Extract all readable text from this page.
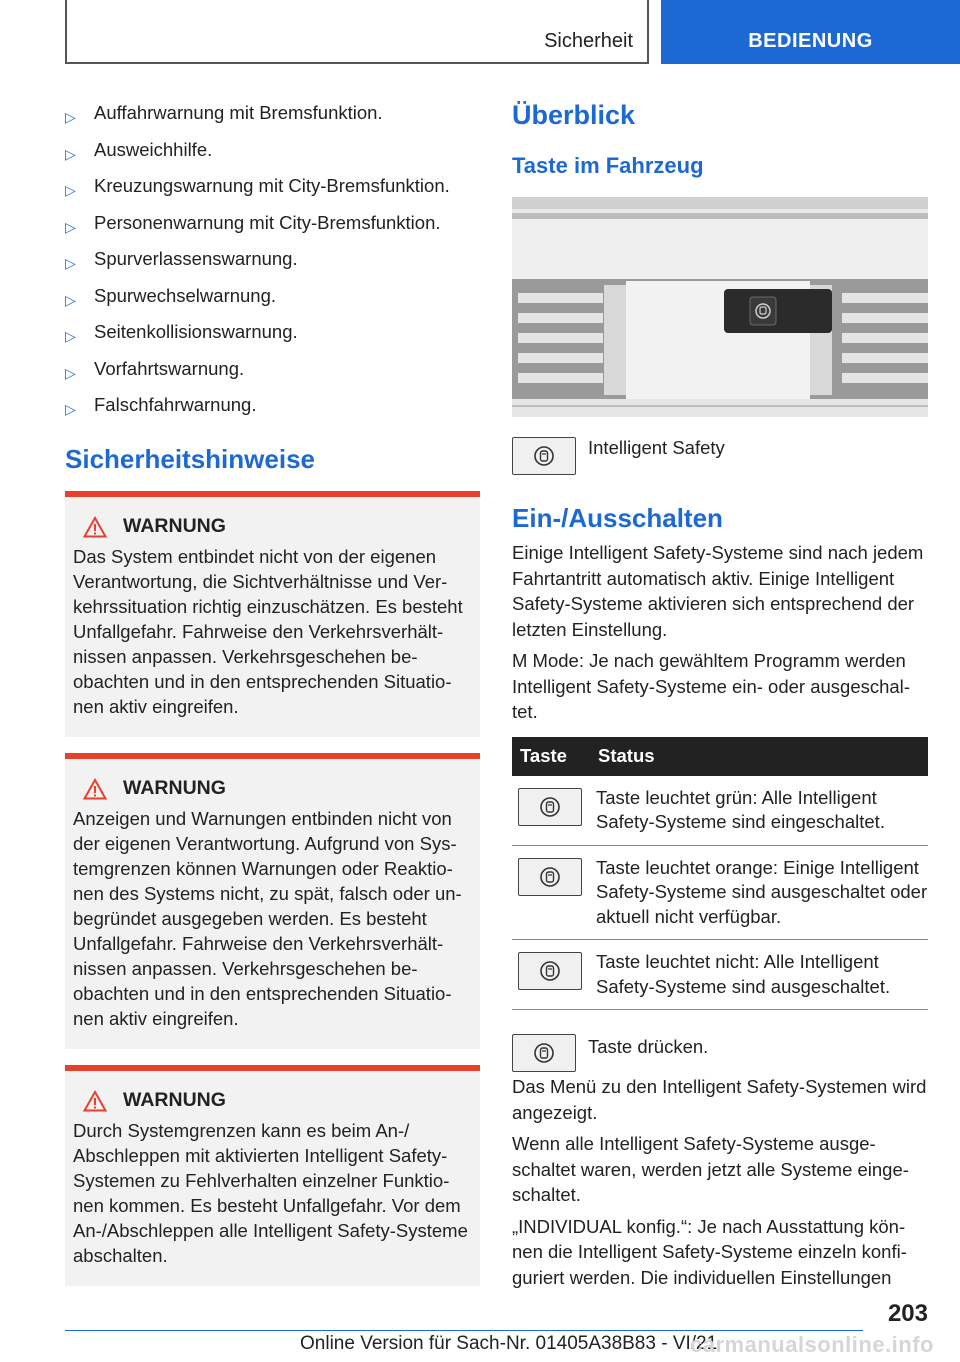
Sicherheit	BEDIENUNG
▷ Auffahrwarnung mit Bremsfunktion.
▷ Ausweichhilfe.
▷ Kreuzungswarnung mit City-Bremsfunktion.
▷ Personenwarnung mit City-Bremsfunktion.
▷ Spurverlassenswarnung.
▷ Spurwechselwarnung.
▷ Seitenkollisionswarnung.
▷ Vorfahrtswarnung.
▷ Falschfahrwarnung.
Sicherheitshinweise
WARNUNG
Das System entbindet nicht von der eigenen Verantwortung, die Sichtverhältnisse und Verkehrssituation richtig einzuschätzen. Es besteht Unfallgefahr. Fahrweise den Verkehrsverhältnissen anpassen. Verkehrsgeschehen beobachten und in den entsprechenden Situationen aktiv eingreifen.
WARNUNG
Anzeigen und Warnungen entbinden nicht von der eigenen Verantwortung. Aufgrund von Systemgrenzen können Warnungen oder Reaktionen des Systems nicht, zu spät, falsch oder unbegründet ausgegeben werden. Es besteht Unfallgefahr. Fahrweise den Verkehrsverhältnissen anpassen. Verkehrsgeschehen beobachten und in den entsprechenden Situationen aktiv eingreifen.
WARNUNG
Durch Systemgrenzen kann es beim An-/ Abschleppen mit aktivierten Intelligent Safety-Systemen zu Fehlverhalten einzelner Funktionen kommen. Es besteht Unfallgefahr. Vor dem An-/Abschleppen alle Intelligent Safety-Systeme abschalten.
Überblick
Taste im Fahrzeug
Intelligent Safety
Ein-/Ausschalten
Einige Intelligent Safety-Systeme sind nach jedem Fahrtantritt automatisch aktiv. Einige Intelligent Safety-Systeme aktivieren sich entsprechend der letzten Einstellung.
M Mode: Je nach gewähltem Programm werden Intelligent Safety-Systeme ein- oder ausgeschaltet.
Taste	Status

	Taste leuchtet grün: Alle Intelligent Safety-Systeme sind eingeschaltet.

	Taste leuchtet orange: Einige Intelligent Safety-Systeme sind ausgeschaltet oder aktuell nicht verfügbar.

	Taste leuchtet nicht: Alle Intelligent Safety-Systeme sind ausgeschaltet.
Taste drücken.
Das Menü zu den Intelligent Safety-Systemen wird angezeigt.
Wenn alle Intelligent Safety-Systeme ausgeschaltet waren, werden jetzt alle Systeme eingeschaltet.
„INDIVIDUAL konfig.“: Je nach Ausstattung können die Intelligent Safety-Systeme einzeln konfiguriert werden. Die individuellen Einstellungen
203
Online Version für Sach-Nr. 01405A38B83 - VI/21
carmanualsonline.info
